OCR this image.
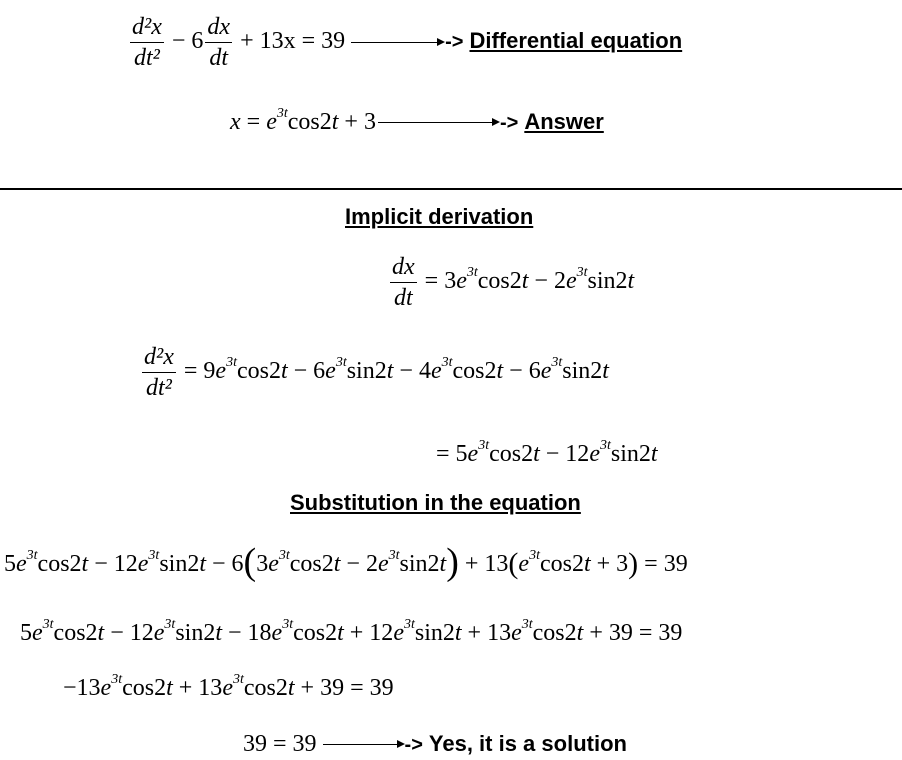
$\frac{\text{d²x}}{\text{dt²}} - 6 \frac{dx}{dt} + 13x = 39$	-> Differential equation
$x = e^{3t}\cos 2t + 3$	-> Answer
Implicit derivation
$\frac{dx}{dt} = 3e^{3t}\cos 2t - 2e^{3t}\sin 2t$
$\frac{\text{d²x}}{\text{dt²}} = 9e^{3t}\cos 2t - 6e^{3t}\sin 2t - 4e^{3t}\cos 2t - 6e^{3t}\sin 2t$
= $5e^{3t}\cos 2t - 12e^{3t}\sin 2t$
Substitution in the equation
$5e^{3t}\cos 2t - 12e^{3t}\sin 2t - 6(3e^{3t}\cos 2t - 2e^{3t}\sin 2t) + 13(e^{3t}\cos 2t + 3) = 39$
$5e^{3t}\cos 2t - 12e^{3t}\sin 2t - 18e^{3t}\cos 2t + 12e^{3t}\sin 2t + 13e^{3t}\cos 2t + 39 = 39$
$-13e^{3t}\cos 2t + 13e^{3t}\cos 2t + 39 = 39$
39 = 39	-> Yes, it is a solution
